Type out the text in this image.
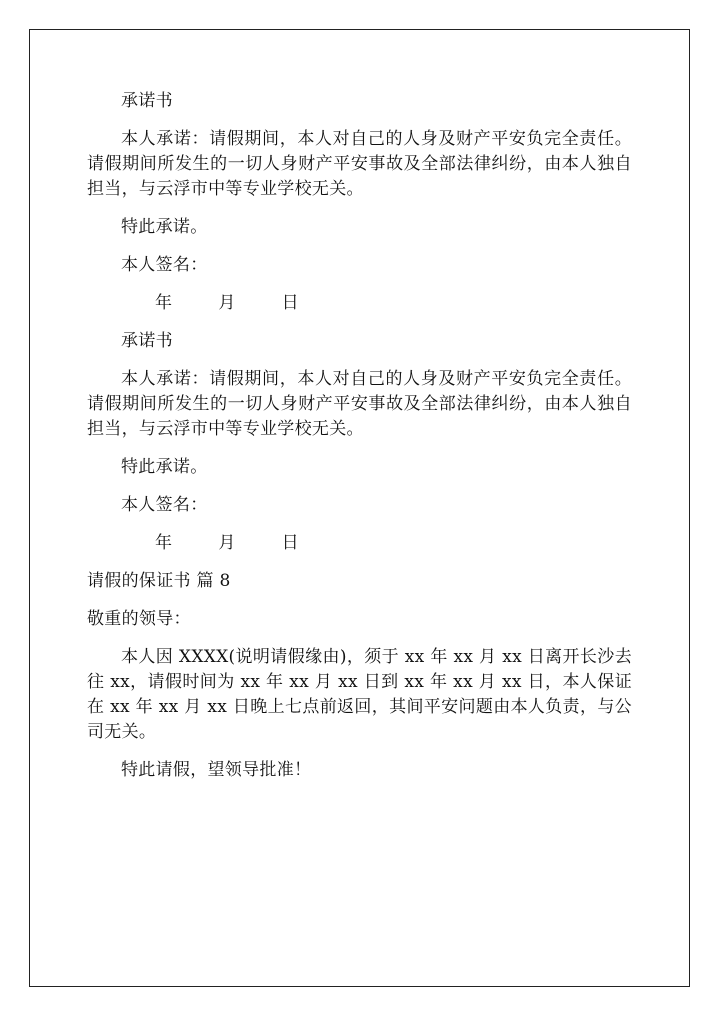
承诺书

本人承诺：请假期间，本人对自己的人身及财产平安负完全责任。请假期间所发生的一切人身财产平安事故及全部法律纠纷，由本人独自担当，与云浮市中等专业学校无关。

特此承诺。

本人签名：

年	月	日

承诺书

本人承诺：请假期间，本人对自己的人身及财产平安负完全责任。请假期间所发生的一切人身财产平安事故及全部法律纠纷，由本人独自担当，与云浮市中等专业学校无关。

特此承诺。

本人签名：

年	月	日

请假的保证书 篇 8

敬重的领导：

本人因 XXXX(说明请假缘由)，须于 xx 年 xx 月 xx 日离开长沙去往 xx，请假时间为 xx 年 xx 月 xx 日到 xx 年 xx 月 xx 日，本人保证在 xx 年 xx 月 xx 日晚上七点前返回，其间平安问题由本人负责，与公司无关。

特此请假，望领导批准！
